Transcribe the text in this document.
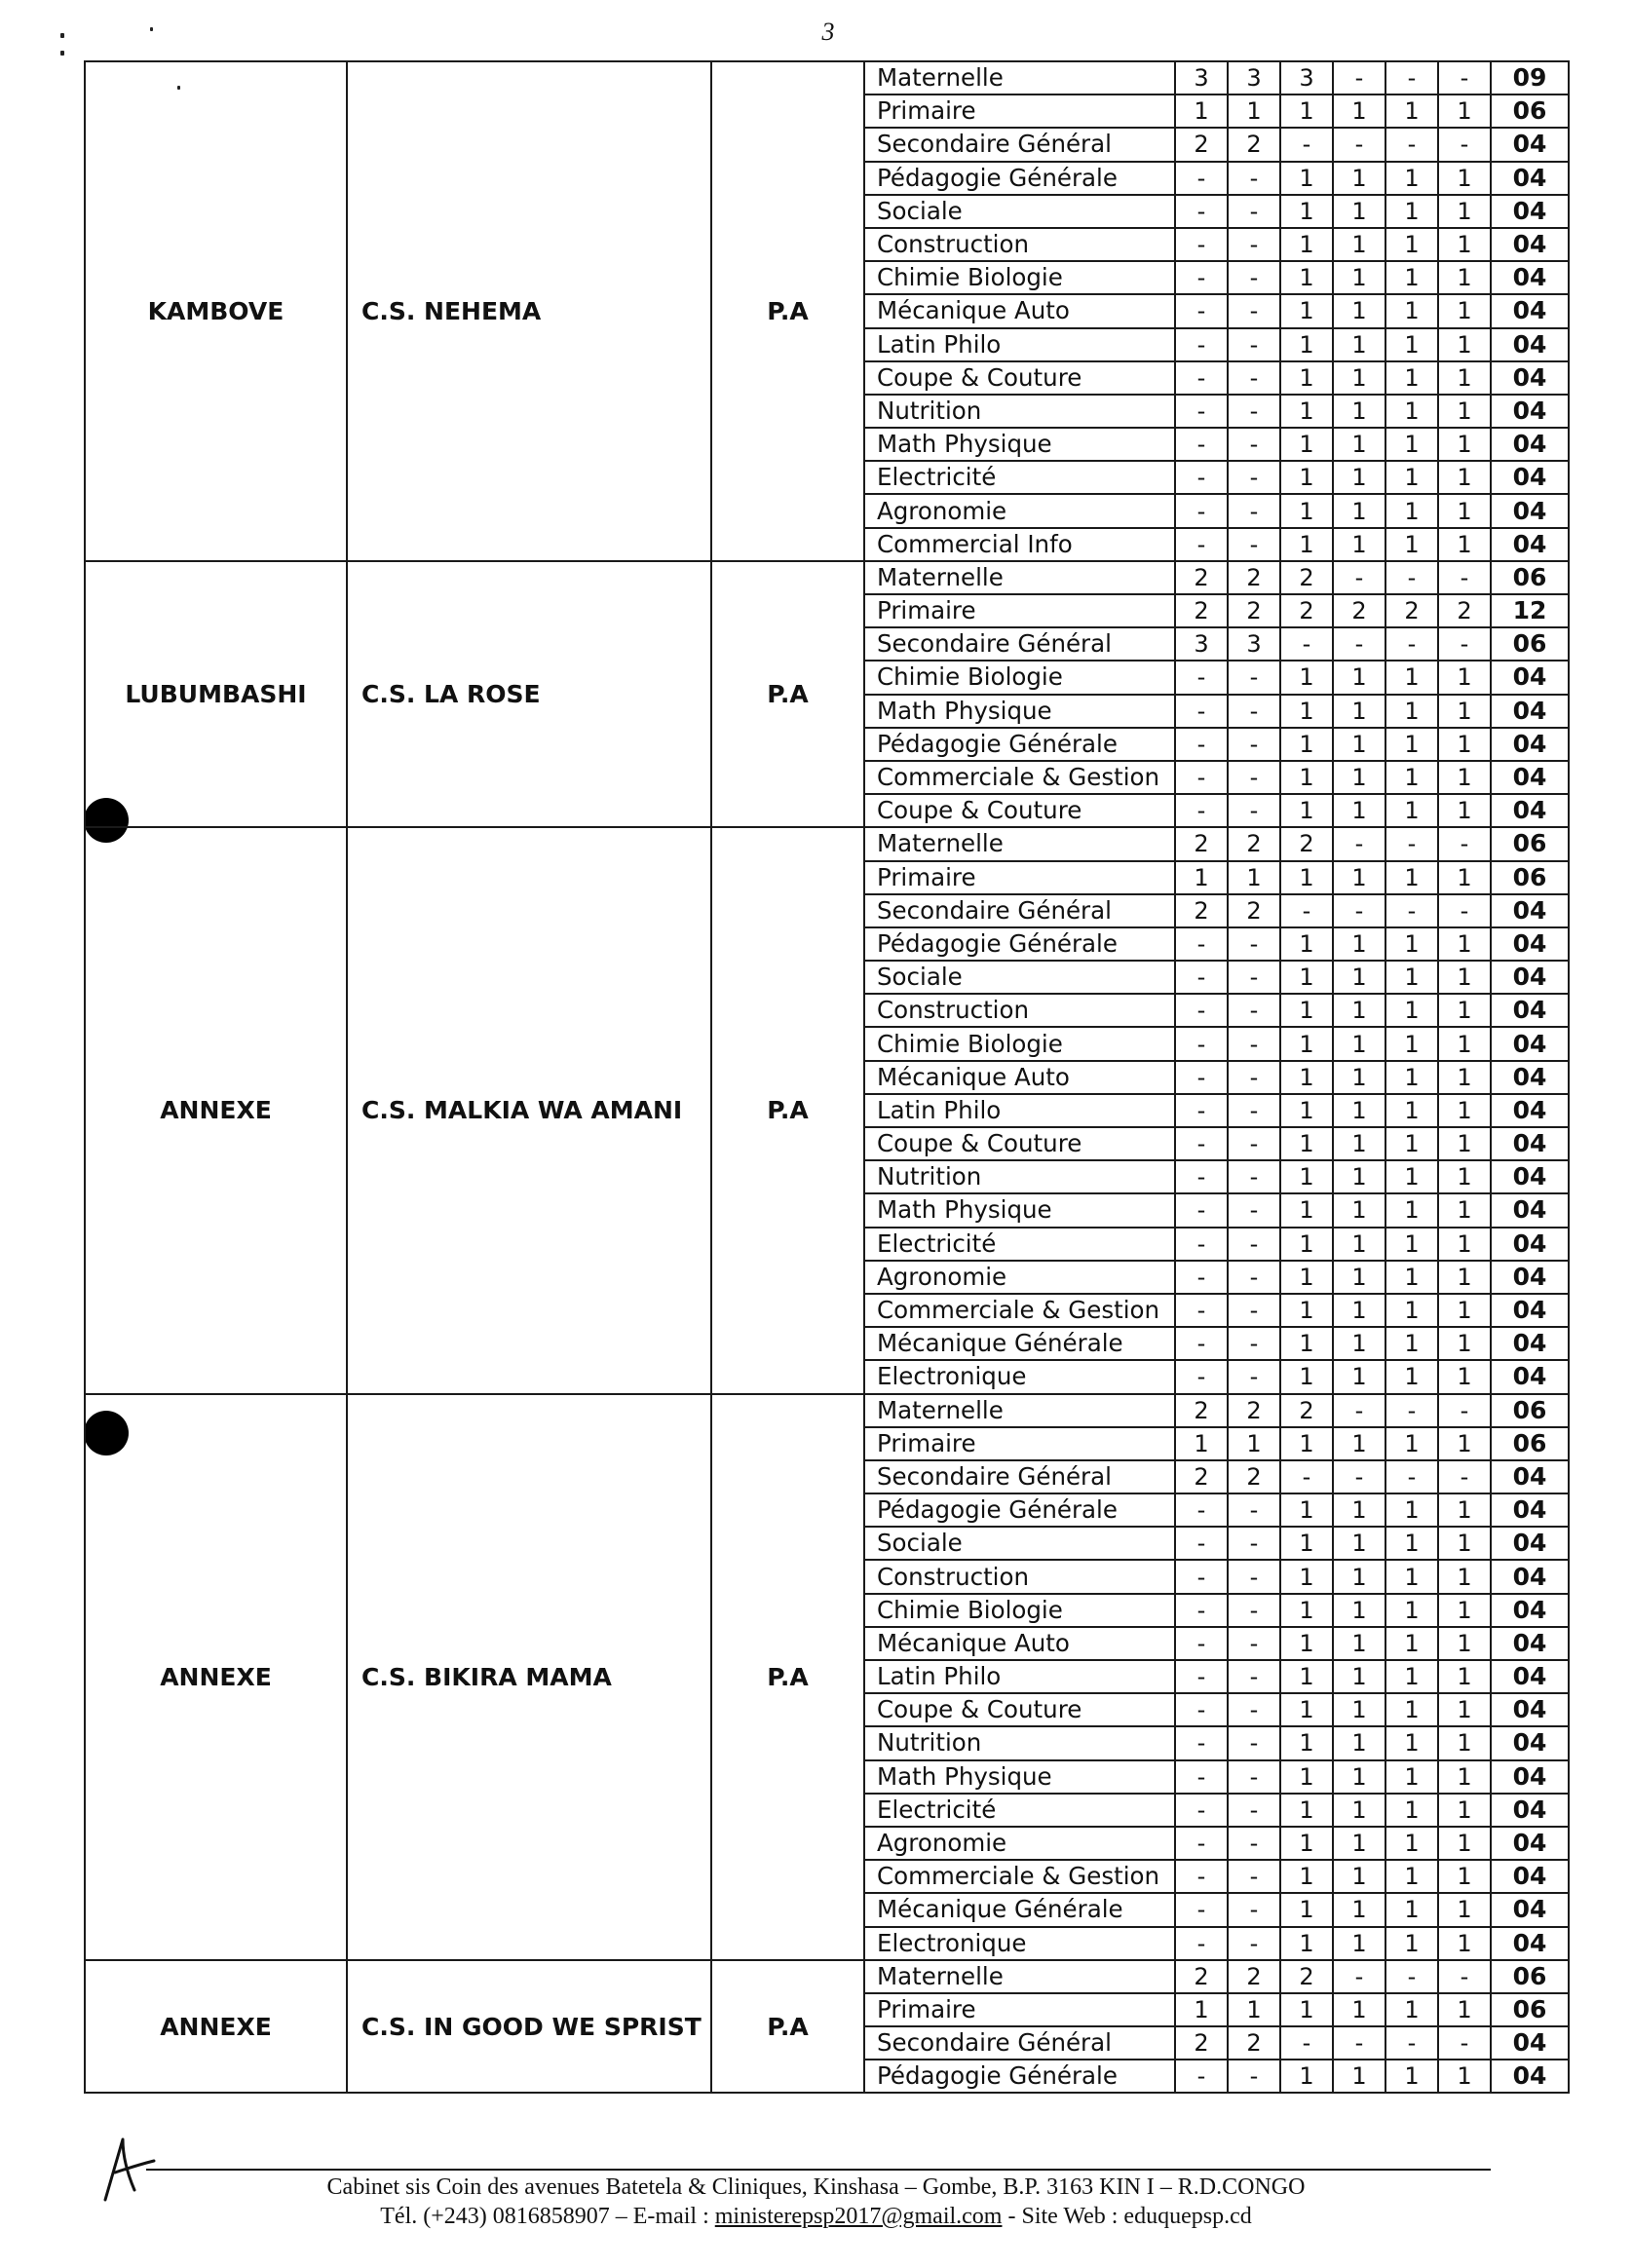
3
KAMBOVE	C.S. NEHEMA	P.A	Maternelle	3	3	3	-	-	-	09
			Primaire	1	1	1	1	1	1	06
			Secondaire Général	2	2	-	-	-	-	04
			Pédagogie Générale	-	-	1	1	1	1	04
			Sociale	-	-	1	1	1	1	04
			Construction	-	-	1	1	1	1	04
			Chimie Biologie	-	-	1	1	1	1	04
			Mécanique Auto	-	-	1	1	1	1	04
			Latin Philo	-	-	1	1	1	1	04
			Coupe & Couture	-	-	1	1	1	1	04
			Nutrition	-	-	1	1	1	1	04
			Math Physique	-	-	1	1	1	1	04
			Electricité	-	-	1	1	1	1	04
			Agronomie	-	-	1	1	1	1	04
			Commercial Info	-	-	1	1	1	1	04
LUBUMBASHI	C.S. LA ROSE	P.A	Maternelle	2	2	2	-	-	-	06
			Primaire	2	2	2	2	2	2	12
			Secondaire Général	3	3	-	-	-	-	06
			Chimie Biologie	-	-	1	1	1	1	04
			Math Physique	-	-	1	1	1	1	04
			Pédagogie Générale	-	-	1	1	1	1	04
			Commerciale & Gestion	-	-	1	1	1	1	04
			Coupe & Couture	-	-	1	1	1	1	04
ANNEXE	C.S. MALKIA WA AMANI	P.A	Maternelle	2	2	2	-	-	-	06
			Primaire	1	1	1	1	1	1	06
			Secondaire Général	2	2	-	-	-	-	04
			Pédagogie Générale	-	-	1	1	1	1	04
			Sociale	-	-	1	1	1	1	04
			Construction	-	-	1	1	1	1	04
			Chimie Biologie	-	-	1	1	1	1	04
			Mécanique Auto	-	-	1	1	1	1	04
			Latin Philo	-	-	1	1	1	1	04
			Coupe & Couture	-	-	1	1	1	1	04
			Nutrition	-	-	1	1	1	1	04
			Math Physique	-	-	1	1	1	1	04
			Electricité	-	-	1	1	1	1	04
			Agronomie	-	-	1	1	1	1	04
			Commerciale & Gestion	-	-	1	1	1	1	04
			Mécanique Générale	-	-	1	1	1	1	04
			Electronique	-	-	1	1	1	1	04
ANNEXE	C.S. BIKIRA MAMA	P.A	Maternelle	2	2	2	-	-	-	06
			Primaire	1	1	1	1	1	1	06
			Secondaire Général	2	2	-	-	-	-	04
			Pédagogie Générale	-	-	1	1	1	1	04
			Sociale	-	-	1	1	1	1	04
			Construction	-	-	1	1	1	1	04
			Chimie Biologie	-	-	1	1	1	1	04
			Mécanique Auto	-	-	1	1	1	1	04
			Latin Philo	-	-	1	1	1	1	04
			Coupe & Couture	-	-	1	1	1	1	04
			Nutrition	-	-	1	1	1	1	04
			Math Physique	-	-	1	1	1	1	04
			Electricité	-	-	1	1	1	1	04
			Agronomie	-	-	1	1	1	1	04
			Commerciale & Gestion	-	-	1	1	1	1	04
			Mécanique Générale	-	-	1	1	1	1	04
			Electronique	-	-	1	1	1	1	04
ANNEXE	C.S. IN GOOD WE SPRIST	P.A	Maternelle	2	2	2	-	-	-	06
			Primaire	1	1	1	1	1	1	06
			Secondaire Général	2	2	-	-	-	-	04
			Pédagogie Générale	-	-	1	1	1	1	04
Cabinet sis Coin des avenues Batetela & Cliniques, Kinshasa – Gombe, B.P. 3163 KIN I – R.D.CONGO
Tél. (+243) 0816858907 – E-mail : ministerepsp2017@gmail.com - Site Web : eduquepsp.cd
